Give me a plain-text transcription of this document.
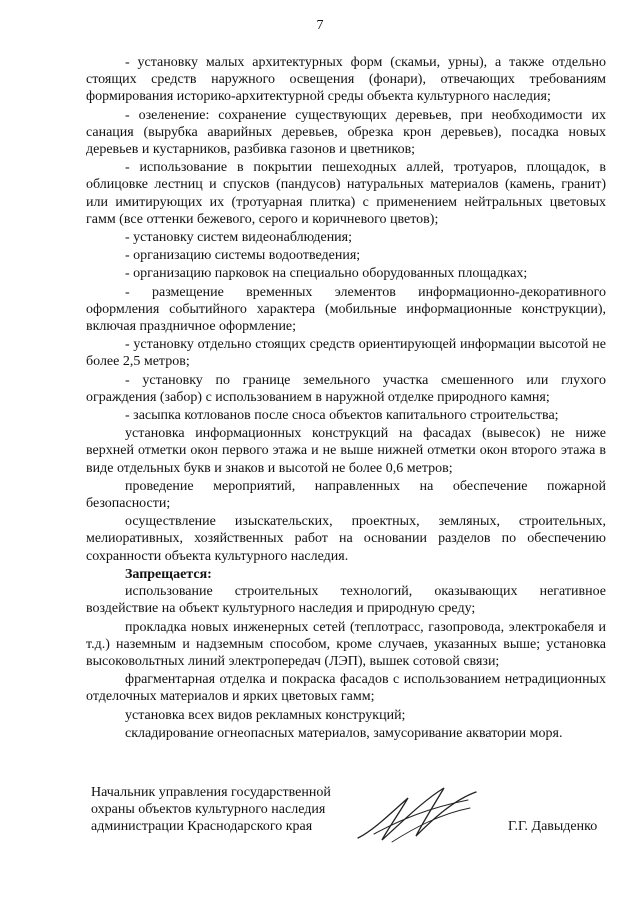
7

- установку малых архитектурных форм (скамьи, урны), а также отдельно стоящих средств наружного освещения (фонари), отвечающих требованиям формирования историко-архитектурной среды объекта культурного наследия;

- озеленение: сохранение существующих деревьев, при необходимости их санация (вырубка аварийных деревьев, обрезка крон деревьев), посадка новых деревьев и кустарников, разбивка газонов и цветников;

- использование в покрытии пешеходных аллей, тротуаров, площадок, в облицовке лестниц и спусков (пандусов) натуральных материалов (камень, гранит) или имитирующих их (тротуарная плитка) с применением нейтральных цветовых гамм (все оттенки бежевого, серого и коричневого цветов);

- установку систем видеонаблюдения;

- организацию системы водоотведения;

- организацию парковок на специально оборудованных площадках;

- размещение временных элементов информационно-декоративного оформления событийного характера (мобильные информационные конструкции), включая праздничное оформление;

- установку отдельно стоящих средств ориентирующей информации высотой не более 2,5 метров;

- установку по границе земельного участка смешенного или глухого ограждения (забор) с использованием в наружной отделке природного камня;

- засыпка котлованов после сноса объектов капитального строительства;

установка информационных конструкций на фасадах (вывесок) не ниже верхней отметки окон первого этажа и не выше нижней отметки окон второго этажа в виде отдельных букв и знаков и высотой не более 0,6 метров;

проведение мероприятий, направленных на обеспечение пожарной безопасности;

осуществление изыскательских, проектных, земляных, строительных, мелиоративных, хозяйственных работ на основании разделов по обеспечению сохранности объекта культурного наследия.

Запрещается:

использование строительных технологий, оказывающих негативное воздействие на объект культурного наследия и природную среду;

прокладка новых инженерных сетей (теплотрасс, газопровода, электрокабеля и т.д.) наземным и надземным способом, кроме случаев, указанных выше; установка высоковольтных линий электропередач (ЛЭП), вышек сотовой связи;

фрагментарная отделка и покраска фасадов с использованием нетрадиционных отделочных материалов и ярких цветовых гамм;

установка всех видов рекламных конструкций;

складирование огнеопасных материалов, замусоривание акватории моря.

Начальник управления государственной
охраны объектов культурного наследия
администрации Краснодарского края	Г.Г. Давыденко
